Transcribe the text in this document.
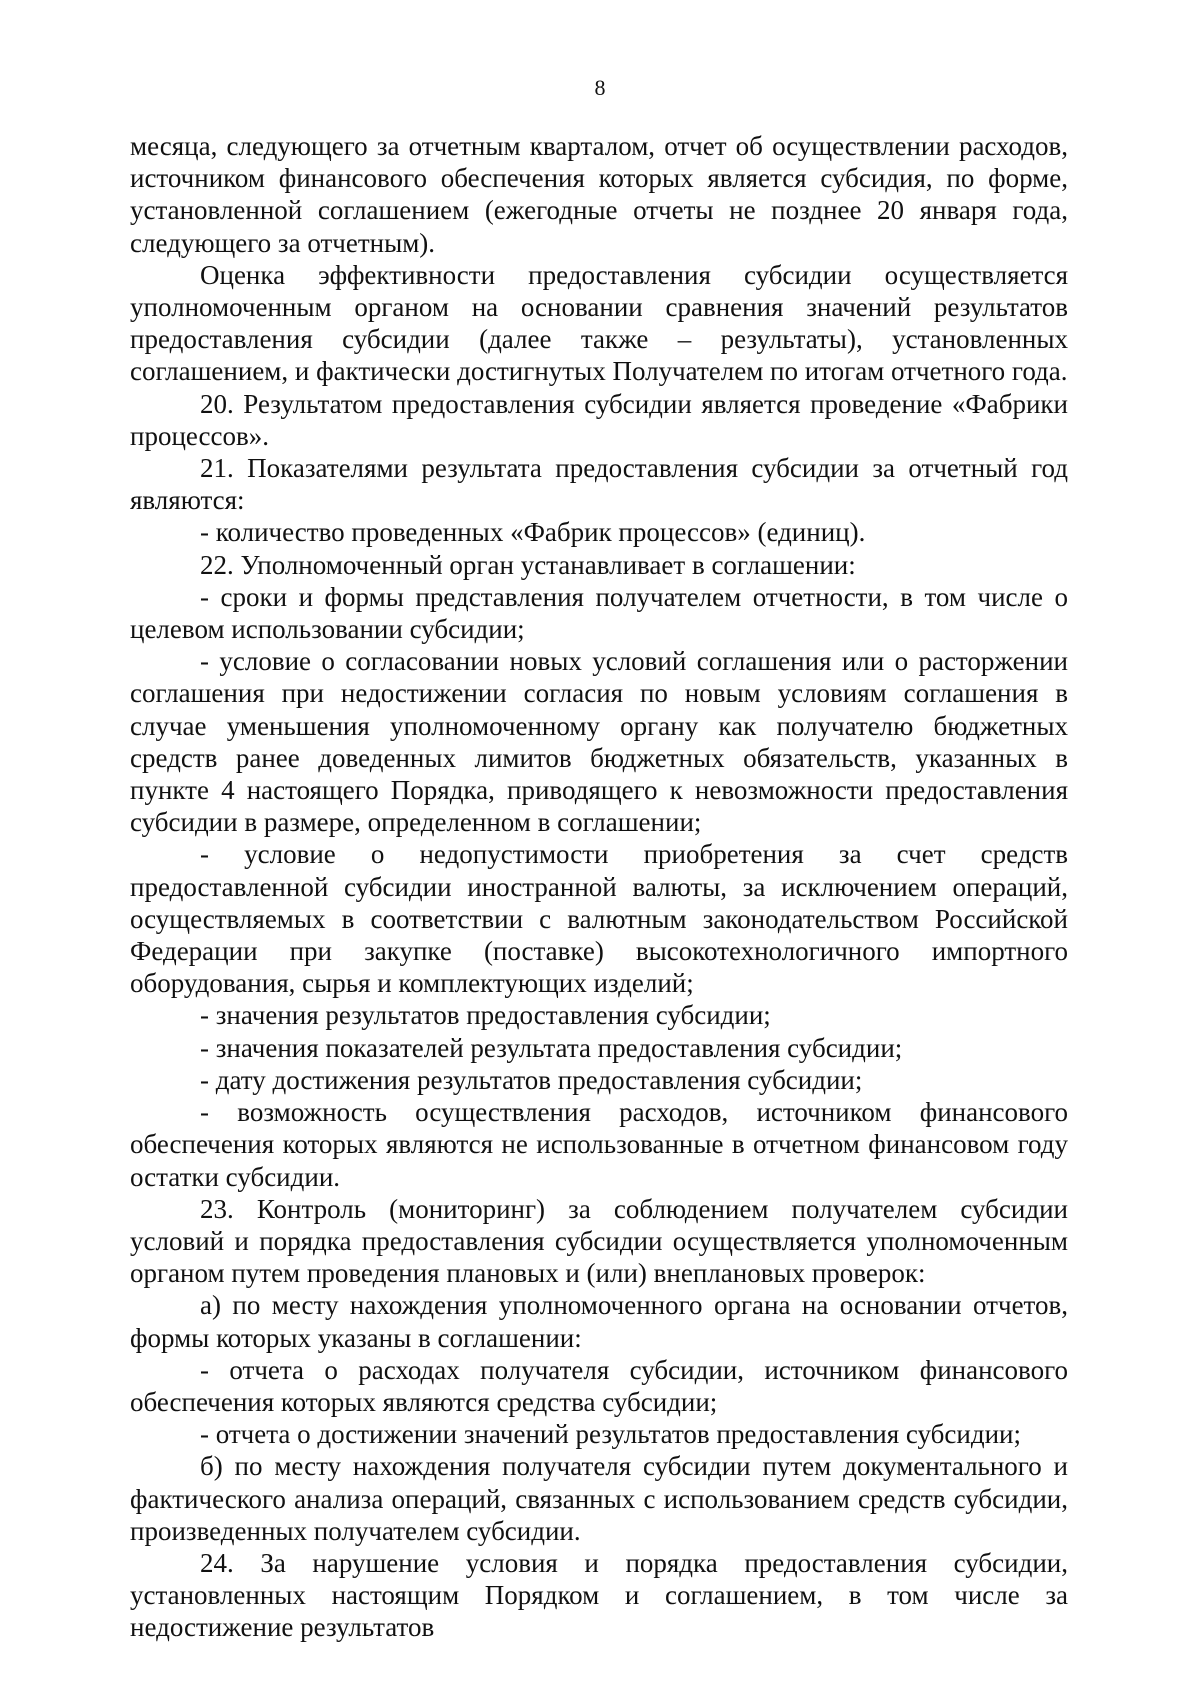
8

месяца, следующего за отчетным кварталом, отчет об осуществлении расходов, источником финансового обеспечения которых является субсидия, по форме, установленной соглашением (ежегодные отчеты не позднее 20 января года, следующего за отчетным).

Оценка эффективности предоставления субсидии осуществляется уполномоченным органом на основании сравнения значений результатов предоставления субсидии (далее также – результаты), установленных соглашением, и фактически достигнутых Получателем по итогам отчетного года.

20. Результатом предоставления субсидии является проведение «Фабрики процессов».

21. Показателями результата предоставления субсидии за отчетный год являются:

- количество проведенных «Фабрик процессов» (единиц).

22. Уполномоченный орган устанавливает в соглашении:

- сроки и формы представления получателем отчетности, в том числе о целевом использовании субсидии;

- условие о согласовании новых условий соглашения или о расторжении соглашения при недостижении согласия по новым условиям соглашения в случае уменьшения уполномоченному органу как получателю бюджетных средств ранее доведенных лимитов бюджетных обязательств, указанных в пункте 4 настоящего Порядка, приводящего к невозможности предоставления субсидии в размере, определенном в соглашении;

- условие о недопустимости приобретения за счет средств предоставленной субсидии иностранной валюты, за исключением операций, осуществляемых в соответствии с валютным законодательством Российской Федерации при закупке (поставке) высокотехнологичного импортного оборудования, сырья и комплектующих изделий;

- значения результатов предоставления субсидии;

- значения показателей результата предоставления субсидии;

- дату достижения результатов предоставления субсидии;

- возможность осуществления расходов, источником финансового обеспечения которых являются не использованные в отчетном финансовом году остатки субсидии.

23. Контроль (мониторинг) за соблюдением получателем субсидии условий и порядка предоставления субсидии осуществляется уполномоченным органом путем проведения плановых и (или) внеплановых проверок:

а) по месту нахождения уполномоченного органа на основании отчетов, формы которых указаны в соглашении:

- отчета о расходах получателя субсидии, источником финансового обеспечения которых являются средства субсидии;

- отчета о достижении значений результатов предоставления субсидии;

б) по месту нахождения получателя субсидии путем документального и фактического анализа операций, связанных с использованием средств субсидии, произведенных получателем субсидии.

24. За нарушение условия и порядка предоставления субсидии, установленных настоящим Порядком и соглашением, в том числе за недостижение результатов
